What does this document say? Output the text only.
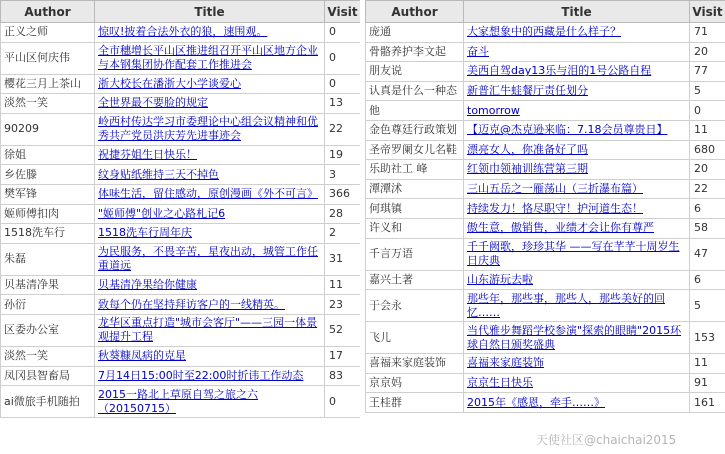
Author	Title	Visit
正义之师	惊叹!披着合法外衣的狼，速围观。	0
平山区何庆伟	全市穗增长平山区推进组召开平山区地方企业与本钢集团协作配套工作推进会	0
樱花三月上茶山	浙大校长在潘浙大小学谈爱心	0
淡然一笑	全世界最不要脸的规定	13
90209	岭西村传达学习市委理论中心组会议精神和优秀共产党员洪庆芳先进事迹会	22
徐姐	祝捷芬姐生日快乐！	19
乡佐滕	纹身贴纸维持三天不掉色	3
樊军锋	体味生活，留住感动，原创漫画《外不可言》	366
姬师傅扣肉	"姬师傅"创业之心路札记6	28
1518洗车行	1518洗车行周年庆	2
朱磊	为民服务，不畏辛苦，星夜出动，城管工作任重道远	31
贝基清净果	贝基清净果给你健康	11
孙衍	致每个仍在坚持拜访客户的一线精英。	23
区委办公室	龙华区重点打造"城市会客厅"——三园一体景观提升工程	52
淡然一笑	秋葵糠凤病的克星	17
凤冈县智畜局	7月14日15:00时至22:00时折讳工作动态	83
ai微旅手机随拍	2015一路北上草原自驾之旅之六（20150715）	0
Author	Title	Visit
庞通	大家想象中的西藏是什么样子？	71
骨骼养护李文起	奋斗	20
朋友说	美西自驾day13乐与泪的1号公路自程	77
认真是什么一种态	新普汇牛蛙餐厅责任划分	5
他	tomorrow	0
金色尊廷行政策划	【迈克@杰克逊来临：7.18会员尊贵日】	11
圣帝罗阑女儿名鞋	漂亮女人，你准备好了吗	680
乐助社工 峰	红领巾领袖训练营第三期	20
潭潭沭	三山五岳之一雁荡山（三折瀑布篇）	22
何琪镇	持续发力！恪尽职守！护河道生态！	6
许义和	傲生意，傲销售，业绩才会让你有尊严	58
千言万语	千千阙歌，珍珍其华 ——写在芊芊十周岁生日庆典	47
嘉兴土著	山东游玩去啦	6
于会永	那些年，那些事，那些人，那些美好的回忆……	5
飞儿	当代雅步舞蹈学校参演"探索的眼睛"2015环球自然日颁奖盛典	153
喜福来家庭装饰	喜福来家庭装饰	11
京京妈	京京生日快乐	91
王桂群	2015年《感恩，牵手……》	161
天使社区@chaichai2015
